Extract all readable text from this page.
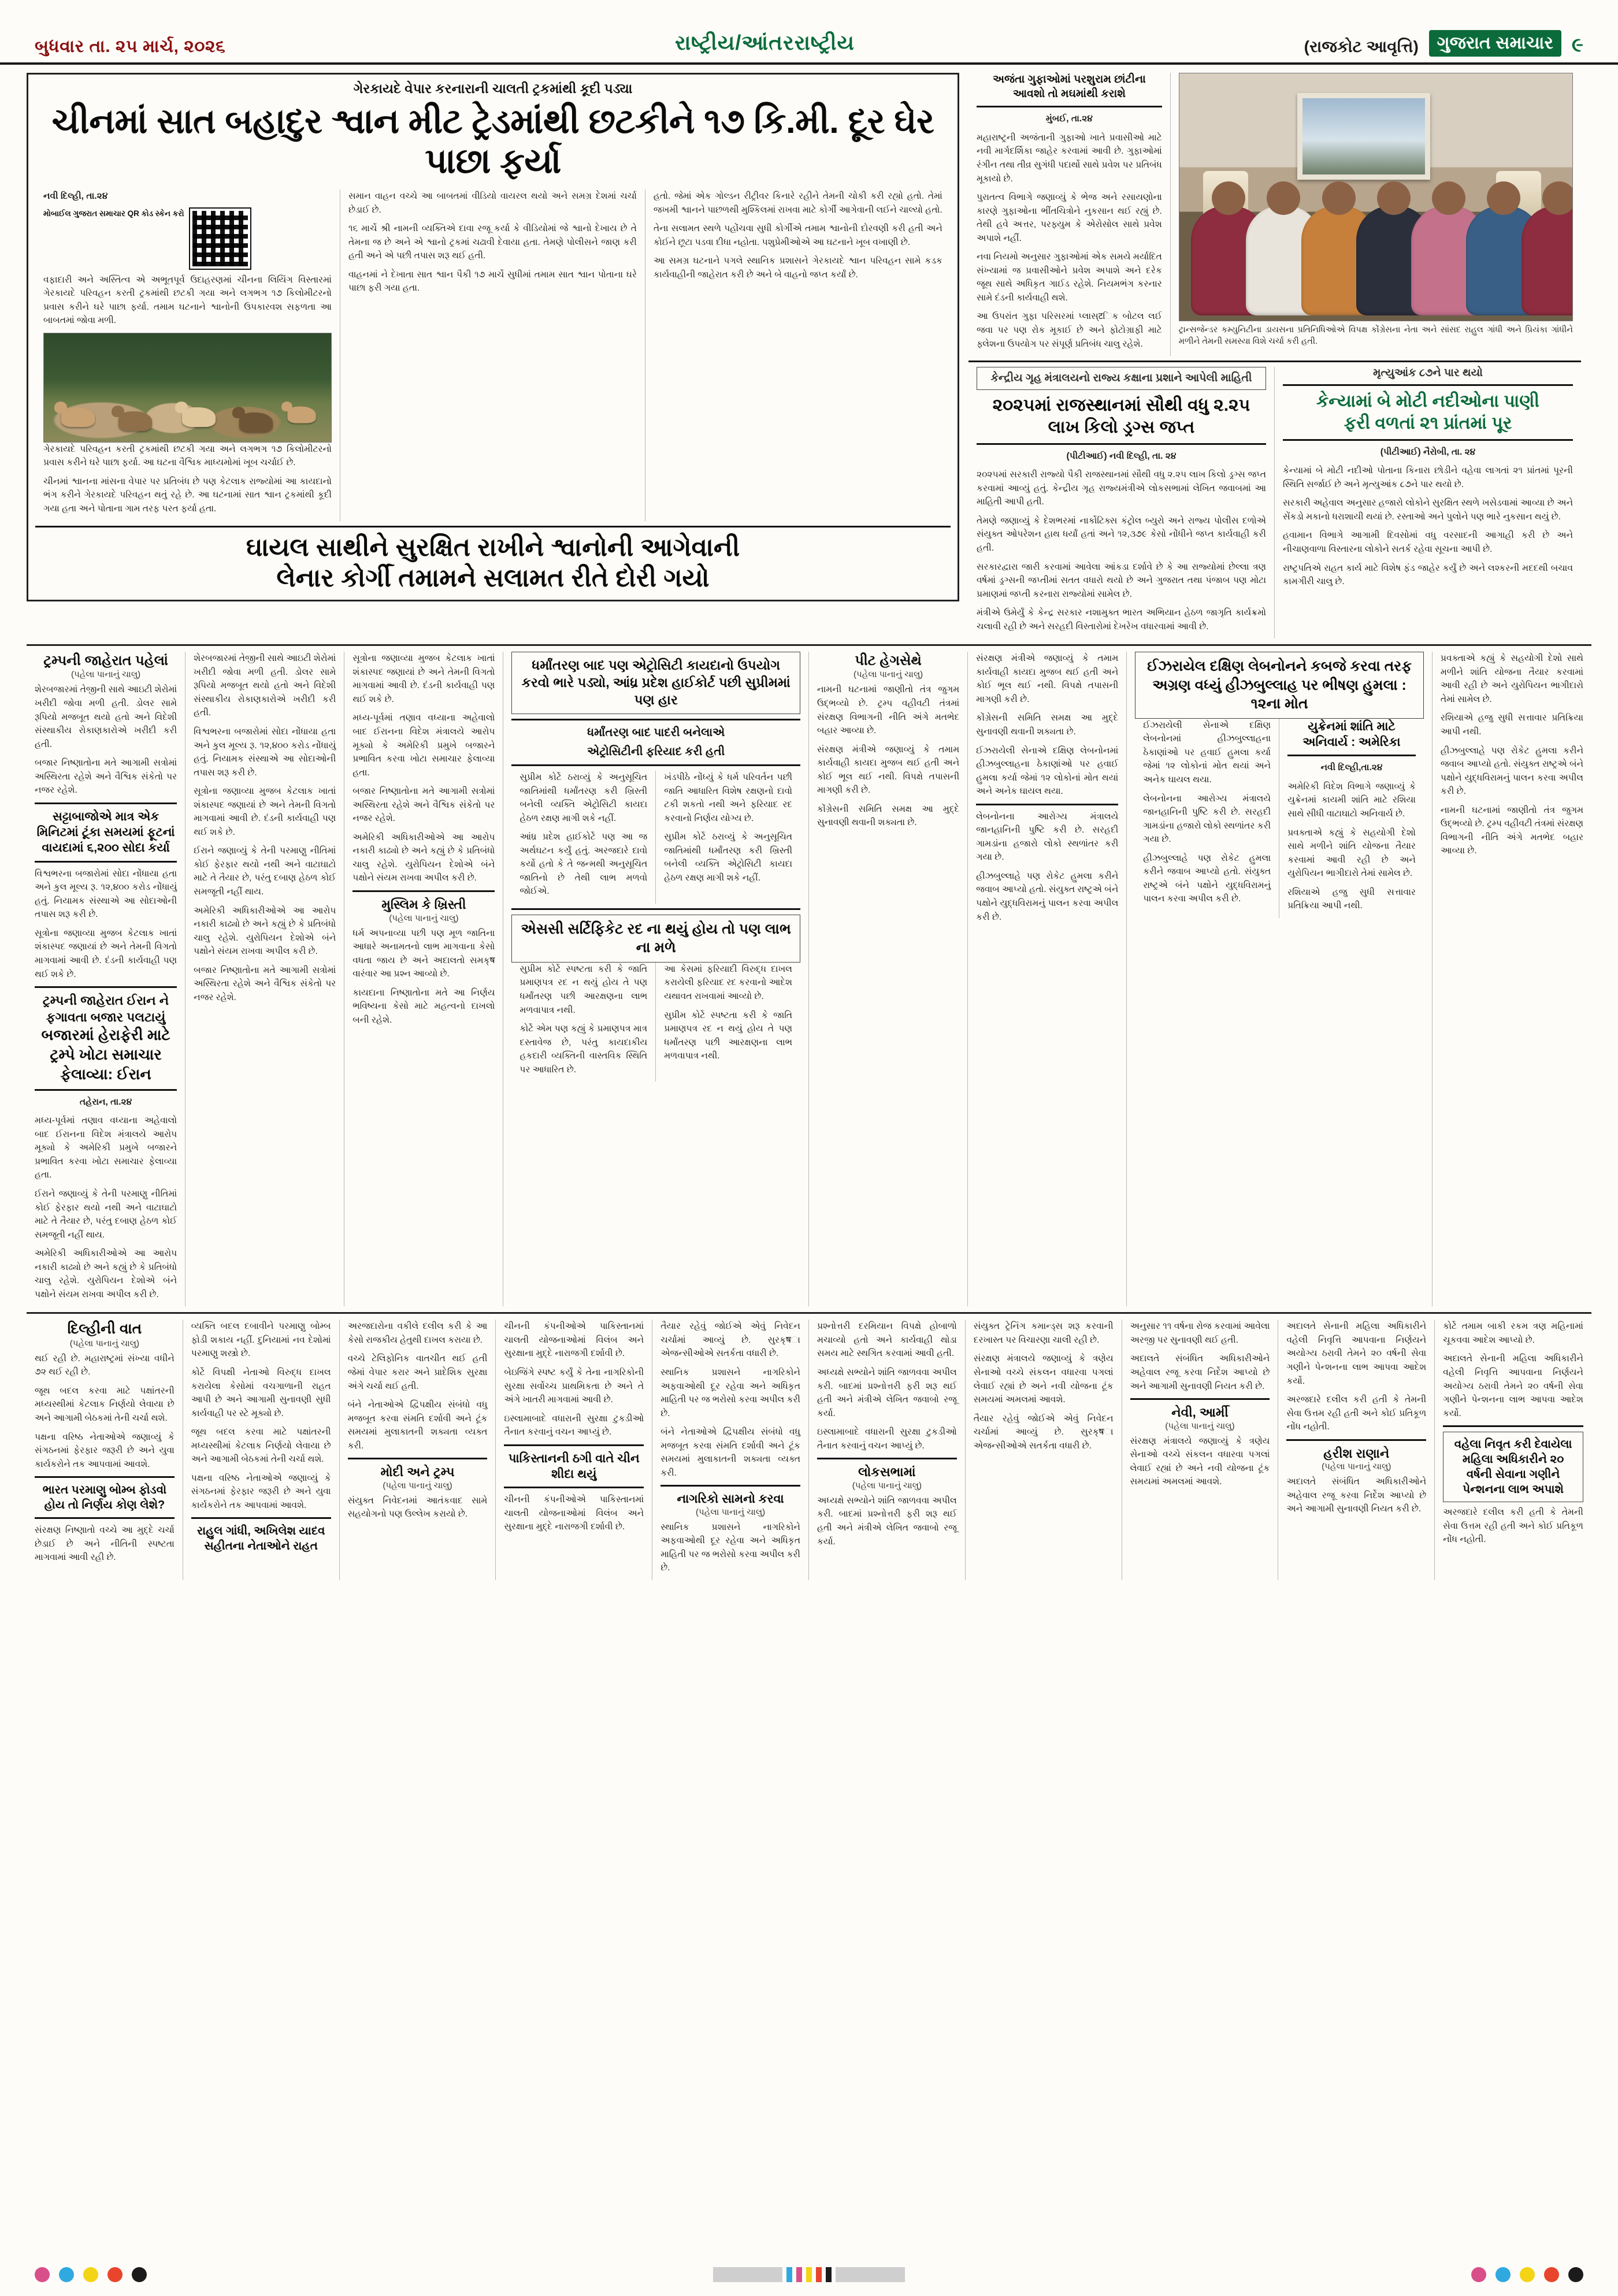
બુધવાર તા. ૨૫ માર્ચ, ૨૦૨૬	રાષ્ટ્રીય/આંતરરાષ્ટ્રીય	(રાજકોટ આવૃત્તિ)	ગુજરાત સમાચાર ૯
ગેરકાયદે વેપાર કરનારાની ચાલતી ટ્રકમાંથી કૂદી પડ્યા
ચીનમાં સાત બહાદુર શ્વાન મીટ ટ્રેડમાંથી છટકીને ૧૭ કિ.મી. દૂર ઘેર પાછા ફર્યા

નવી દિલ્હી, તા.૨૪

મોબાઈલ ગુજરાત સમાચાર QR કોડ સ્કેન કરો

વફાદારી અને અસ્તિત્વ એ અભૂતપૂર્વ ઉદાહરણમાં ચીનના લિયિંગ વિસ્તારમાં ગેરકાયદે પરિવહન કરતી ટ્રકમાંથી છટકી ગયા અને લગભગ ૧૭ કિલોમીટરનો પ્રવાસ કરીને ઘરે પાછા ફર્યા. તમામ ઘટનાને શ્વાનોની ઉપકારવશ સફળતા આ બાબતમાં જોવા મળી.

ગેરકાયદે પરિવહન કરતી ટ્રકમાંથી છટકી ગયા અને લગભગ ૧૭ કિલોમીટરનો પ્રવાસ કરીને ઘરે પાછા ફર્યા. આ ઘટના વૈશ્વિક માધ્યમોમાં ખૂબ ચર્ચાઈ છે.

ચીનમાં શ્વાનના માંસના વેપાર પર પ્રતિબંધ છે પણ કેટલાક રાજ્યોમાં આ કાયદાનો ભંગ કરીને ગેરકાયદે પરિવહન થતું રહે છે. આ ઘટનામાં સાત શ્વાન ટ્રકમાંથી કૂદી ગયા હતા અને પોતાના ગામ તરફ પરત ફર્યા હતા.

સમાન વાહન વચ્ચે આ બાબતમાં વીડિયો વાયરલ થયો અને સમગ્ર દેશમાં ચર્ચા છેડાઈ છે.

૧૬ માર્ચે શ્રી નામની વ્યક્તિએ દાવા રજૂ કર્યા કે વીડિયોમાં જે શ્વાનો દેખાય છે તે તેમના જ છે અને એ શ્વાનો ટ્રકમાં ચઢાવી દેવાયા હતા. તેમણે પોલીસને જાણ કરી હતી અને એ પછી તપાસ શરૂ થઈ હતી.

વાહનમાં ને દેખાતા સાત શ્વાન પૈકી ૧૭ માર્ચે સુધીમાં તમામ સાત શ્વાન પોતાના ઘરે પાછા ફરી ગયા હતા.

હતો. જેમાં એક ગોલ્ડન રીટ્રીવર કિનારે રહીને તેમની ચોકી કરી રહ્યો હતો. તેમાં જખમી શ્વાનને પાછળથી મુશ્કિલમાં રાખવા માટે કોર્ગી આગેવાની લઈને ચાલ્યો હતો.

તેના સલામત સ્થળે પહોંચવા સુધી કોર્ગીએ તમામ શ્વાનોની દોરવણી કરી હતી અને કોઈને છૂટા પડવા દીધા નહોતા. પશુપ્રેમીઓએ આ ઘટનાને ખૂબ વખાણી છે.

આ સમગ્ર ઘટનાને પગલે સ્થાનિક પ્રશાસને ગેરકાયદે શ્વાન પરિવહન સામે કડક કાર્યવાહીની જાહેરાત કરી છે અને બે વાહનો જપ્ત કર્યાં છે.

ઘાયલ સાથીને સુરક્ષિત રાખીને શ્વાનોની આગેવાની
લેનાર કોર્ગી તમામને સલામત રીતે દોરી ગયો
અજંતા ગુફાઓમાં પરશુરામ છાંટીના આવશો તો મઘમાંથી કરાશે

મુંબઈ, તા.૨૪

મહારાષ્ટ્રની અજંતાની ગુફાઓ ખાતે પ્રવાસીઓ માટે નવી માર્ગદર્શિકા જાહેર કરવામાં આવી છે. ગુફાઓમાં રંગીન તથા તીવ્ર સુગંધી પદાર્થો સાથે પ્રવેશ પર પ્રતિબંધ મૂકાયો છે.

પુરાતત્વ વિભાગે જણાવ્યું કે ભેજ અને રસાયણોના કારણે ગુફાઓના ભીંતચિત્રોને નુકસાન થઈ રહ્યું છે. તેથી હવે અત્તર, પરફ્યુમ કે એરોસોલ સાથે પ્રવેશ અપાશે નહીં.

નવા નિયમો અનુસાર ગુફાઓમાં એક સમયે મર્યાદિત સંખ્યામાં જ પ્રવાસીઓને પ્રવેશ અપાશે અને દરેક જૂથ સાથે અધિકૃત ગાઈડ રહેશે. નિયમભંગ કરનાર સામે દંડની કાર્યવાહી થશે.

આ ઉપરાંત ગુફા પરિસરમાં પ્લાસ્टિક બોટલ લઈ જવા પર પણ રોક મૂકાઈ છે અને ફોટોગ્રાફી માટે ફ્લેશના ઉપયોગ પર સંપૂર્ણ પ્રતિબંધ ચાલુ રહેશે.

ટ્રાન્સજેન્ડર કમ્યુનિટીના ડાયસના પ્રતિનિધિઓએ વિપક્ષ કોંગ્રેસના નેતા અને સાંસદ રાહુલ ગાંધી અને પ્રિયંકા ગાંધીને મળીને તેમની સમસ્યા વિશે ચર્ચા કરી હતી.
કેન્દ્રીય ગૃહ મંત્રાલયનો રાજ્ય કક્ષાના પ્રશાને આપેલી માહિતી
૨૦૨૫માં રાજસ્થાનમાં સૌથી વધુ ૨.૨૫ લાખ કિલો ડ્રગ્સ જપ્ત

(પીટીઆઈ) નવી દિલ્હી, તા. ૨૪

૨૦૨૫માં સરકારી રાજ્યો પૈકી રાજસ્થાનમાં સૌથી વધુ ૨.૨૫ લાખ કિલો ડ્રગ્સ જપ્ત કરવામાં આવ્યું હતું. કેન્દ્રીય ગૃહ રાજ્યમંત્રીએ લોકસભામાં લેખિત જવાબમાં આ માહિતી આપી હતી.

તેમણે જણાવ્યું કે દેશભરમાં નાર્કોટિક્સ કંટ્રોલ બ્યુરો અને રાજ્ય પોલીસ દળોએ સંયુક્ત ઓપરેશન હાથ ધર્યાં હતાં અને ૧૨,૩૭૯ કેસો નોંધીને જપ્ત કાર્યવાહી કરી હતી.

સરકારદ્વારા જારી કરવામાં આવેલા આંકડા દર્શાવે છે કે આ રાજ્યોમાં છેલ્લા ત્રણ વર્ષમાં ડ્રગ્સની જપ્તીમાં સતત વધારો થયો છે અને ગુજરાત તથા પંજાબ પણ મોટા પ્રમાણમાં જપ્તી કરનારા રાજ્યોમાં સામેલ છે.

મંત્રીએ ઉમેર્યું કે કેન્દ્ર સરકાર નશામુક્ત ભારત અભિયાન હેઠળ જાગૃતિ કાર્યક્રમો ચલાવી રહી છે અને સરહદી વિસ્તારોમાં દેખરેખ વધારવામાં આવી છે.

મૃત્યુઆંક ૮૭ને પાર થયો
કેન્યામાં બે મોટી નદીઓના પાણી
ફરી વળતાં ૨૧ પ્રાંતમાં પૂર

(પીટીઆઈ) નૈરોબી, તા. ૨૪

કેન્યામાં બે મોટી નદીઓ પોતાના કિનારા છોડીને વહેવા લાગતાં ૨૧ પ્રાંતમાં પૂરની સ્થિતિ સર્જાઈ છે અને મૃત્યુઆંક ૮૭ને પાર થયો છે.

સરકારી અહેવાલ અનુસાર હજારો લોકોને સુરક્ષિત સ્થળે ખસેડવામાં આવ્યા છે અને સેંકડો મકાનો ધરાશાયી થયાં છે. રસ્તાઓ અને પુલોને પણ ભારે નુકસાન થયું છે.

હવામાન વિભાગે આગામી દિવસોમાં વધુ વરસાદની આગાહી કરી છે અને નીચાણવાળા વિસ્તારના લોકોને સતર્ક રહેવા સૂચના આપી છે.

રાષ્ટ્રપતિએ રાહત કાર્ય માટે વિશેષ ફંડ જાહેર કર્યું છે અને લશ્કરની મદદથી બચાવ કામગીરી ચાલુ છે.

ટ્રમ્પની જાહેરાત પહેલાં
(પહેલા પાનાનું ચાલુ)

શેરબજારમાં તેજીની સાથે આઇટી શેરોમાં ખરીદી જોવા મળી હતી. ડોલર સામે રૂપિયો મજબૂત થયો હતો અને વિદેશી સંસ્થાકીય રોકાણકારોએ ખરીદી કરી હતી.

બજાર નિષ્ણાતોના મતે આગામી સત્રોમાં અસ્થિરતા રહેશે અને વૈશ્વિક સંકેતો પર નજર રહેશે.

સટ્ટાબાજોએ માત્ર એક મિનિટમાં ટૂંકા સમયમાં ફૂટનાં વાયદામાં ૬,૨૦૦ સોદા કર્યા

વિશ્વભરના બજારોમાં સોદા નોંધાયા હતા અને કુલ મૂલ્ય રૂ. ૧૨,૪૦૦ કરોડ નોંધાયું હતું. નિયામક સંસ્થાએ આ સોદાઓની તપાસ શરૂ કરી છે.

સૂત્રોના જણાવ્યા મુજબ કેટલાક ખાતાં શંકાસ્પદ જણાયાં છે અને તેમની વિગતો માગવામાં આવી છે. દંડની કાર્યવાહી પણ થઈ શકે છે.

ટ્રમ્પની જાહેરાત ઈરાન ને ફગાવતા બજાર પલટાયું
બજારમાં હેરાફેરી માટે ટ્રમ્પે ખોટા સમાચાર ફેલાવ્યા: ઈરાન

તહેરાન, તા.૨૪

મધ્ય-પૂર્વમાં તણાવ વધ્યાના અહેવાલો બાદ ઈરાનના વિદેશ મંત્રાલયે આરોપ મૂક્યો કે અમેરિકી પ્રમુખે બજારને પ્રભાવિત કરવા ખોટા સમાચાર ફેલાવ્યા હતા.

ઈરાને જણાવ્યું કે તેની પરમાણુ નીતિમાં કોઈ ફેરફાર થયો નથી અને વાટાઘાટો માટે તે તૈયાર છે, પરંતુ દબાણ હેઠળ કોઈ સમજૂતી નહીં થાય.

અમેરિકી અધિકારીઓએ આ આરોપ નકારી કાઢ્યો છે અને કહ્યું છે કે પ્રતિબંધો ચાલુ રહેશે. યુરોપિયન દેશોએ બંને પક્ષોને સંયમ રાખવા અપીલ કરી છે.

શેરબજારમાં તેજીની સાથે આઇટી શેરોમાં ખરીદી જોવા મળી હતી. ડોલર સામે રૂપિયો મજબૂત થયો હતો અને વિદેશી સંસ્થાકીય રોકાણકારોએ ખરીદી કરી હતી.

વિશ્વભરના બજારોમાં સોદા નોંધાયા હતા અને કુલ મૂલ્ય રૂ. ૧૨,૪૦૦ કરોડ નોંધાયું હતું. નિયામક સંસ્થાએ આ સોદાઓની તપાસ શરૂ કરી છે.

સૂત્રોના જણાવ્યા મુજબ કેટલાક ખાતાં શંકાસ્પદ જણાયાં છે અને તેમની વિગતો માગવામાં આવી છે. દંડની કાર્યવાહી પણ થઈ શકે છે.

ઈરાને જણાવ્યું કે તેની પરમાણુ નીતિમાં કોઈ ફેરફાર થયો નથી અને વાટાઘાટો માટે તે તૈયાર છે, પરંતુ દબાણ હેઠળ કોઈ સમજૂતી નહીં થાય.

અમેરિકી અધિકારીઓએ આ આરોપ નકારી કાઢ્યો છે અને કહ્યું છે કે પ્રતિબંધો ચાલુ રહેશે. યુરોપિયન દેશોએ બંને પક્ષોને સંયમ રાખવા અપીલ કરી છે.

બજાર નિષ્ણાતોના મતે આગામી સત્રોમાં અસ્થિરતા રહેશે અને વૈશ્વિક સંકેતો પર નજર રહેશે.

સૂત્રોના જણાવ્યા મુજબ કેટલાક ખાતાં શંકાસ્પદ જણાયાં છે અને તેમની વિગતો માગવામાં આવી છે. દંડની કાર્યવાહી પણ થઈ શકે છે.

મધ્ય-પૂર્વમાં તણાવ વધ્યાના અહેવાલો બાદ ઈરાનના વિદેશ મંત્રાલયે આરોપ મૂક્યો કે અમેરિકી પ્રમુખે બજારને પ્રભાવિત કરવા ખોટા સમાચાર ફેલાવ્યા હતા.

બજાર નિષ્ણાતોના મતે આગામી સત્રોમાં અસ્થિરતા રહેશે અને વૈશ્વિક સંકેતો પર નજર રહેશે.

અમેરિકી અધિકારીઓએ આ આરોપ નકારી કાઢ્યો છે અને કહ્યું છે કે પ્રતિબંધો ચાલુ રહેશે. યુરોપિયન દેશોએ બંને પક્ષોને સંયમ રાખવા અપીલ કરી છે.

મુસ્લિમ કે ખ્રિસ્તી
(પહેલા પાનાનું ચાલુ)

ધર્મ અપનાવ્યા પછી પણ મૂળ જાતિના આધારે અનામતનો લાભ માગવાના કેસો વધતા જાય છે અને અદાલતો સમક્ष વારંવાર આ પ્રશ્ન આવ્યો છે.

કાયદાના નિષ્ણાતોના મતે આ નિર્ણય ભવિષ્યના કેસો માટે મહત્વનો દાખલો બની રહેશે.

ધર્માંતરણ બાદ પણ એટ્રોસિટી કાયદાનો ઉપયોગ કરવો ભારે પડ્યો, આંધ્ર પ્રદેશ હાઈકોર્ટ પછી સુપ્રીમમાં પણ હાર
ધર્માંતરણ બાદ પાદરી બનેલાએ
એટ્રોસિટીની ફરિયાદ કરી હતી

સુપ્રીમ કોર્ટે ઠરાવ્યું કે અનુસૂચિત જાતિમાંથી ધર્માંતરણ કરી ખ્રિસ્તી બનેલી વ્યક્તિ એટ્રોસિટી કાયદા હેઠળ રક્ષણ માગી શકે નહીં.

આંધ્ર પ્રદેશ હાઈકોર્ટે પણ આ જ અર્થઘટન કર્યું હતું. અરજદારે દાવો કર્યો હતો કે તે જન્મથી અનુસૂચિત જાતિનો છે તેથી લાભ મળવો જોઈએ.

ખંડપીઠે નોંધ્યું કે ધર્મ પરિવર્તન પછી જાતિ આધારિત વિશેષ રક્ષણનો દાવો ટકી શકતો નથી અને ફરિયાદ રદ કરવાનો નિર્ણય યોગ્ય છે.

સુપ્રીમ કોર્ટે ઠરાવ્યું કે અનુસૂચિત જાતિમાંથી ધર્માંતરણ કરી ખ્રિસ્તી બનેલી વ્યક્તિ એટ્રોસિટી કાયદા હેઠળ રક્ષણ માગી શકે નહીં.

એસસી સર્ટિફિકેટ રદ ના થયું હોય તો પણ લાભ ના મળે

સુપ્રીમ કોર્ટે સ્પષ્ટતા કરી કે જાતિ પ્રમાણપત્ર રદ ન થયું હોય તે પણ ધર્માંતરણ પછી આરક્ષણના લાભ મળવાપાત્ર નથી.

કોર્ટે એમ પણ કહ્યું કે પ્રમાણપત્ર માત્ર દસ્તાવેજ છે, પરંતુ કાયદાકીય હકદારી વ્યક્તિની વાસ્તવિક સ્થિતિ પર આધારિત છે.

આ કેસમાં ફરિયાદી વિરુદ્ધ દાખલ કરાયેલી ફરિયાદ રદ કરવાનો આદેશ યથાવત રાખવામાં આવ્યો છે.

સુપ્રીમ કોર્ટે સ્પષ્ટતા કરી કે જાતિ પ્રમાણપત્ર રદ ન થયું હોય તે પણ ધર્માંતરણ પછી આરક્ષણના લાભ મળવાપાત્ર નથી.

પીટ હેગસેથે
(પહેલા પાનાનું ચાલુ)

નામની ઘટનામાં જાણીતો તંત્ર જુગમ ઉદ્ભવ્યો છે. ટ્રમ્પ વહીવટી તંત્રમાં સંરક્ષણ વિભાગની નીતિ અંગે મતભેદ બહાર આવ્યા છે.

સંરક્ષણ મંત્રીએ જણાવ્યું કે તમામ કાર્યવાહી કાયદા મુજબ થઈ હતી અને કોઈ ભૂલ થઈ નથી. વિપક્ષે તપાસની માગણી કરી છે.

કોંગ્રેસની સમિતિ સમક્ષ આ મુદ્દે સુનાવણી થવાની શક્યતા છે.

સંરક્ષણ મંત્રીએ જણાવ્યું કે તમામ કાર્યવાહી કાયદા મુજબ થઈ હતી અને કોઈ ભૂલ થઈ નથી. વિપક્ષે તપાસની માગણી કરી છે.

કોંગ્રેસની સમિતિ સમક્ષ આ મુદ્દે સુનાવણી થવાની શક્યતા છે.

ઈઝરાયેલી સેનાએ દક્ષિણ લેબનોનમાં હીઝબુલ્લાહના ઠેકાણાંઓ પર હવાઈ હુમલા કર્યા જેમાં ૧૨ લોકોનાં મોત થયાં અને અનેક ઘાયલ થયા.

લેબનોનના આરોગ્ય મંત્રાલયે જાનહાનિની પુષ્ટિ કરી છે. સરહદી ગામડાંના હજારો લોકો સ્થળાંતર કરી ગયા છે.

હીઝબુલ્લાહે પણ રોકેટ હુમલા કરીને જવાબ આપ્યો હતો. સંયુક્ત રાષ્ટ્રએ બંને પક્ષોને યુદ્ધવિરામનું પાલન કરવા અપીલ કરી છે.

ઈઝરાયેલ દક્ષિણ લેબનોનને કબજે કરવા તરફ અગ્રણ વધ્યું હીઝબુલ્લાહ પર ભીષણ હુમલા : ૧૨ના મોત

ઈઝરાયેલી સેનાએ દક્ષિણ લેબનોનમાં હીઝબુલ્લાહના ઠેકાણાંઓ પર હવાઈ હુમલા કર્યા જેમાં ૧૨ લોકોનાં મોત થયાં અને અનેક ઘાયલ થયા.

લેબનોનના આરોગ્ય મંત્રાલયે જાનહાનિની પુષ્ટિ કરી છે. સરહદી ગામડાંના હજારો લોકો સ્થળાંતર કરી ગયા છે.

હીઝબુલ્લાહે પણ રોકેટ હુમલા કરીને જવાબ આપ્યો હતો. સંયુક્ત રાષ્ટ્રએ બંને પક્ષોને યુદ્ધવિરામનું પાલન કરવા અપીલ કરી છે.

યુક્રેનમાં શાંતિ માટે અનિવાર્ય : અમેરિકા

નવી દિલ્હી,તા.૨૪

અમેરિકી વિદેશ વિભાગે જણાવ્યું કે યુક્રેનમાં કાયમી શાંતિ માટે રશિયા સાથે સીધી વાટાઘાટો અનિવાર્ય છે.

પ્રવક્તાએ કહ્યું કે સહયોગી દેશો સાથે મળીને શાંતિ યોજના તૈયાર કરવામાં આવી રહી છે અને યુરોપિયન ભાગીદારો તેમાં સામેલ છે.

રશિયાએ હજુ સુધી સત્તાવાર પ્રતિક્રિયા આપી નથી.

પ્રવક્તાએ કહ્યું કે સહયોગી દેશો સાથે મળીને શાંતિ યોજના તૈયાર કરવામાં આવી રહી છે અને યુરોપિયન ભાગીદારો તેમાં સામેલ છે.

રશિયાએ હજુ સુધી સત્તાવાર પ્રતિક્રિયા આપી નથી.

હીઝબુલ્લાહે પણ રોકેટ હુમલા કરીને જવાબ આપ્યો હતો. સંયુક્ત રાષ્ટ્રએ બંને પક્ષોને યુદ્ધવિરામનું પાલન કરવા અપીલ કરી છે.

નામની ઘટનામાં જાણીતો તંત્ર જુગમ ઉદ્ભવ્યો છે. ટ્રમ્પ વહીવટી તંત્રમાં સંરક્ષણ વિભાગની નીતિ અંગે મતભેદ બહાર આવ્યા છે.

દિલ્હીની વાત
(પહેલા પાનાનું ચાલુ)

થઈ રહી છે. મહારાષ્ટ્રમાં સંખ્યા વધીને ૭૨ થઈ રહી છે.

જૂથ બદલ કરવા માટે પક્ષાંતરની મધ્યસ્થીમાં કેટલાક નિર્ણયો લેવાયા છે અને આગામી બેઠકમાં તેની ચર્ચા થશે.

પક્ષના વરિષ્ઠ નેતાઓએ જણાવ્યું કે સંગઠનમાં ફેરફાર જરૂરી છે અને યુવા કાર્યકરોને તક આપવામાં આવશે.

ભારત પરમાણુ બોમ્બ ફોડવો હોય તો નિર્ણય કોણ લેશે?

સંરક્ષણ નિષ્ણાતો વચ્ચે આ મુદ્દે ચર્ચા છેડાઈ છે અને નીતિની સ્પષ્ટતા માગવામાં આવી રહી છે.

વ્યક્તિ બદલ દબાવીને પરમાણુ બોમ્બ ફોડી શકાય નહીં. દુનિયામાં નવ દેશોમાં પરમાણુ શસ્ત્રો છે.

કોર્ટે વિપક્ષી નેતાઓ વિરુદ્ધ દાખલ કરાયેલા કેસોમાં વચગાળાની રાહત આપી છે અને આગામી સુનાવણી સુધી કાર્યવાહી પર સ્ટે મૂક્યો છે.

જૂથ બદલ કરવા માટે પક્ષાંતરની મધ્યસ્થીમાં કેટલાક નિર્ણયો લેવાયા છે અને આગામી બેઠકમાં તેની ચર્ચા થશે.

પક્ષના વરિષ્ઠ નેતાઓએ જણાવ્યું કે સંગઠનમાં ફેરફાર જરૂરી છે અને યુવા કાર્યકરોને તક આપવામાં આવશે.

રાહુલ ગાંધી, અખિલેશ યાદવ સહીતના નેતાઓને રાહત

અરજદારોના વકીલે દલીલ કરી કે આ કેસો રાજકીય હેતુથી દાખલ કરાયા છે.

વચ્ચે ટેલિફોનિક વાતચીત થઈ હતી જેમાં વેપાર કરાર અને પ્રાદેશિક સુરક્ષા અંગે ચર્ચા થઈ હતી.

બંને નેતાઓએ દ્વિપક્ષીય સંબંધો વધુ મજબૂત કરવા સંમતિ દર્શાવી અને ટૂંક સમયમાં મુલાકાતની શક્યતા વ્યક્ત કરી.

મોદી અને ટ્રમ્પ
(પહેલા પાનાનું ચાલુ)

સંયુક્ત નિવેદનમાં આતંકવાદ સામે સહયોગનો પણ ઉલ્લેખ કરાયો છે.

ચીનની કંપનીઓએ પાકિસ્તાનમાં ચાલતી યોજનાઓમાં વિલંબ અને સુરક્ષાના મુદ્દે નારાજગી દર્શાવી છે.

બેઇજિંગે સ્પષ્ટ કર્યું કે તેના નાગરિકોની સુરક્ષા સર્વોચ્ચ પ્રાથમિકતા છે અને તે અંગે ખાતરી માગવામાં આવી છે.

ઇસ્લામાબાદે વધારાની સુરક્ષા ટુકડીઓ તૈનાત કરવાનું વચન આપ્યું છે.

પાકિસ્તાનની ઠગી વાતે ચીન શીદા થયું

ચીનની કંપનીઓએ પાકિસ્તાનમાં ચાલતી યોજનાઓમાં વિલંબ અને સુરક્ષાના મુદ્દે નારાજગી દર્શાવી છે.

તૈયાર રહેવું જોઈએ એવું નિવેદન ચર્ચામાં આવ્યું છે. સુરક્षા એજન્સીઓએ સતર્કતા વધારી છે.

સ્થાનિક પ્રશાસને નાગરિકોને અફવાઓથી દૂર રહેવા અને અધિકૃત માહિતી પર જ ભરોસો કરવા અપીલ કરી છે.

બંને નેતાઓએ દ્વિપક્ષીય સંબંધો વધુ મજબૂત કરવા સંમતિ દર્શાવી અને ટૂંક સમયમાં મુલાકાતની શક્યતા વ્યક્ત કરી.

નાગરિકો સામનો કરવા
(પહેલા પાનાનું ચાલુ)

સ્થાનિક પ્રશાસને નાગરિકોને અફવાઓથી દૂર રહેવા અને અધિકૃત માહિતી પર જ ભરોસો કરવા અપીલ કરી છે.

પ્રશ્નોત્તરી દરમિયાન વિપક્ષે હોબાળો મચાવ્યો હતો અને કાર્યવાહી થોડા સમય માટે સ્થગિત કરવામાં આવી હતી.

અધ્યક્ષે સભ્યોને શાંતિ જાળવવા અપીલ કરી. બાદમાં પ્રશ્નોત્તરી ફરી શરૂ થઈ હતી અને મંત્રીએ લેખિત જવાબો રજૂ કર્યા.

ઇસ્લામાબાદે વધારાની સુરક્ષા ટુકડીઓ તૈનાત કરવાનું વચન આપ્યું છે.

લોકસભામાં
(પહેલા પાનાનું ચાલુ)

અધ્યક્ષે સભ્યોને શાંતિ જાળવવા અપીલ કરી. બાદમાં પ્રશ્નોત્તરી ફરી શરૂ થઈ હતી અને મંત્રીએ લેખિત જવાબો રજૂ કર્યા.

સંયુક્ત ટ્રેનિંગ કમાન્ડ્સ શરૂ કરવાની દરખાસ્ત પર વિચારણા ચાલી રહી છે.

સંરક્ષણ મંત્રાલયે જણાવ્યું કે ત્રણેય સેનાઓ વચ્ચે સંકલન વધારવા પગલાં લેવાઈ રહ્યાં છે અને નવી યોજના ટૂંક સમયમાં અમલમાં આવશે.

તૈયાર રહેવું જોઈએ એવું નિવેદન ચર્ચામાં આવ્યું છે. સુરક્षા એજન્સીઓએ સતર્કતા વધારી છે.

અનુસાર ૧૧ વર્ષના રોજ કરવામાં આવેલા અરજી પર સુનાવણી થઈ હતી.

અદાલતે સંબંધિત અધિકારીઓને અહેવાલ રજૂ કરવા નિર્દેશ આપ્યો છે અને આગામી સુનાવણી નિયત કરી છે.

નેવી, આર્મી
(પહેલા પાનાનું ચાલુ)

સંરક્ષણ મંત્રાલયે જણાવ્યું કે ત્રણેય સેનાઓ વચ્ચે સંકલન વધારવા પગલાં લેવાઈ રહ્યાં છે અને નવી યોજના ટૂંક સમયમાં અમલમાં આવશે.

અદાલતે સેનાની મહિલા અધિકારીને વહેલી નિવૃત્તિ આપવાના નિર્ણયને અયોગ્ય ઠરાવી તેમને ૨૦ વર્ષની સેવા ગણીને પેન્શનના લાભ આપવા આદેશ કર્યો.

અરજદારે દલીલ કરી હતી કે તેમની સેવા ઉત્તમ રહી હતી અને કોઈ પ્રતિકૂળ નોંધ નહોતી.

હરીશ રાણાને
(પહેલા પાનાનું ચાલુ)

અદાલતે સંબંધિત અધિકારીઓને અહેવાલ રજૂ કરવા નિર્દેશ આપ્યો છે અને આગામી સુનાવણી નિયત કરી છે.

કોર્ટે તમામ બાકી રકમ ત્રણ મહિનામાં ચૂકવવા આદેશ આપ્યો છે.

અદાલતે સેનાની મહિલા અધિકારીને વહેલી નિવૃત્તિ આપવાના નિર્ણયને અયોગ્ય ઠરાવી તેમને ૨૦ વર્ષની સેવા ગણીને પેન્શનના લાભ આપવા આદેશ કર્યો.

વહેલા નિવૃત કરી દેવાયેલા મહિલા અધિકારીને ૨૦ વર્ષની સેવાના ગણીને પેન્શનના લાભ અપાશે

અરજદારે દલીલ કરી હતી કે તેમની સેવા ઉત્તમ રહી હતી અને કોઈ પ્રતિકૂળ નોંધ નહોતી.
